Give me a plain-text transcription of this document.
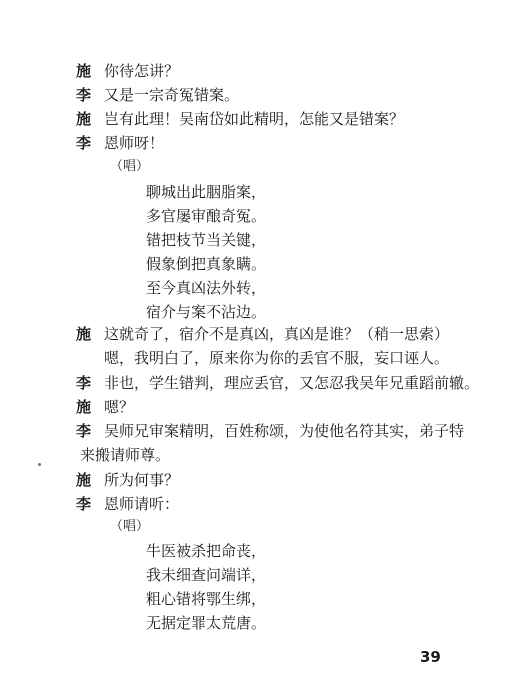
施 你待怎讲？
李 又是一宗奇冤错案。
施 岂有此理！吴南岱如此精明，怎能又是错案？
李 恩师呀！
（唱）
聊城出此胭脂案，
多官屡审酿奇冤。
错把枝节当关键，
假象倒把真象瞒。
至今真凶法外转，
宿介与案不沾边。
施 这就奇了，宿介不是真凶，真凶是谁？（稍一思索）
嗯，我明白了，原来你为你的丢官不服，妄口诬人。
李 非也，学生错判，理应丢官，又怎忍我吴年兄重蹈前辙。
施 嗯？
李 吴师兄审案精明，百姓称颂，为使他名符其实，弟子特
来搬请师尊。
施 所为何事？
李 恩师请听：
（唱）
牛医被杀把命丧，
我未细查问端详，
粗心错将鄂生绑，
无据定罪太荒唐。
39
